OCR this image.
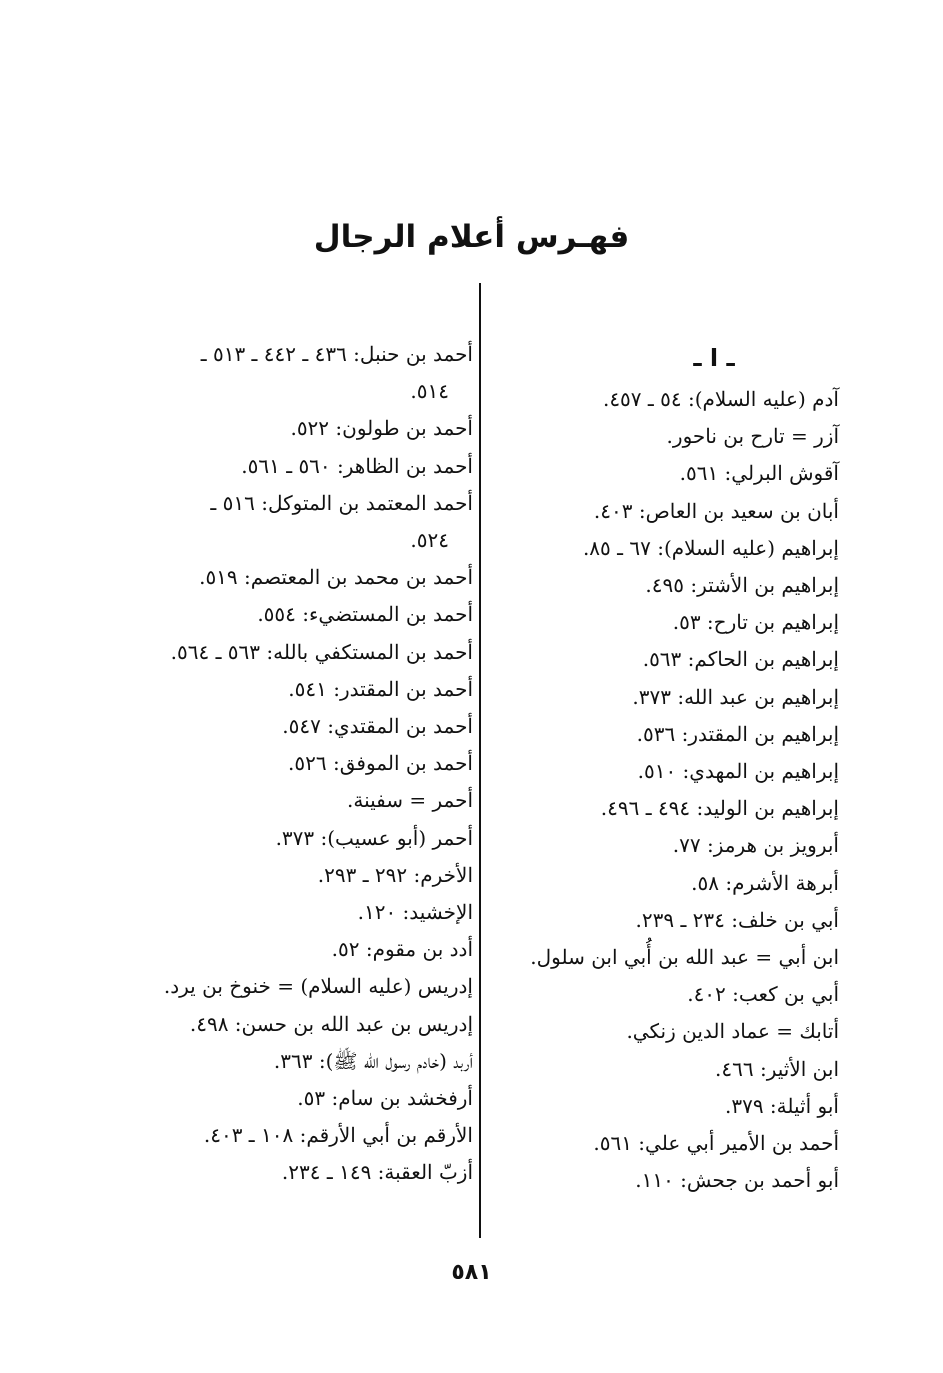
فهـرس أعلام الرجال
ـ ا ـ
آدم (عليه السلام): ٥٤ ـ ٤٥٧.
آزر = تارح بن ناحور.
آقوش البرلي: ٥٦١.
أبان بن سعيد بن العاص: ٤٠٣.
إبراهيم (عليه السلام): ٦٧ ـ ٨٥.
إبراهيم بن الأشتر: ٤٩٥.
إبراهيم بن تارح: ٥٣.
إبراهيم بن الحاكم: ٥٦٣.
إبراهيم بن عبد الله: ٣٧٣.
إبراهيم بن المقتدر: ٥٣٦.
إبراهيم بن المهدي: ٥١٠.
إبراهيم بن الوليد: ٤٩٤ ـ ٤٩٦.
أبرويز بن هرمز: ٧٧.
أبرهة الأشرم: ٥٨.
أبي بن خلف: ٢٣٤ ـ ٢٣٩.
ابن أبي = عبد الله بن أُبي ابن سلول.
أبي بن كعب: ٤٠٢.
أتابك = عماد الدين زنكي.
ابن الأثير: ٤٦٦.
أبو أثيلة: ٣٧٩.
أحمد بن الأمير أبي علي: ٥٦١.
أبو أحمد بن جحش: ١١٠.
أحمد بن حنبل: ٤٣٦ ـ ٤٤٢ ـ ٥١٣ ـ
٥١٤.
أحمد بن طولون: ٥٢٢.
أحمد بن الظاهر: ٥٦٠ ـ ٥٦١.
أحمد المعتمد بن المتوكل: ٥١٦ ـ
٥٢٤.
أحمد بن محمد بن المعتصم: ٥١٩.
أحمد بن المستضيء: ٥٥٤.
أحمد بن المستكفي بالله: ٥٦٣ ـ ٥٦٤.
أحمد بن المقتدر: ٥٤١.
أحمد بن المقتدي: ٥٤٧.
أحمد بن الموفق: ٥٢٦.
أحمر = سفينة.
أحمر (أبو عسيب): ٣٧٣.
الأخرم: ٢٩٢ ـ ٢٩٣.
الإخشيد: ١٢٠.
أدد بن مقوم: ٥٢.
إدريس (عليه السلام) = خنوخ بن يرد.
إدريس بن عبد الله بن حسن: ٤٩٨.
أربد (خادم رسول الله ﷺ): ٣٦٣.
أرفخشد بن سام: ٥٣.
الأرقم بن أبي الأرقم: ١٠٨ ـ ٤٠٣.
أزبّ العقبة: ١٤٩ ـ ٢٣٤.
٥٨١
